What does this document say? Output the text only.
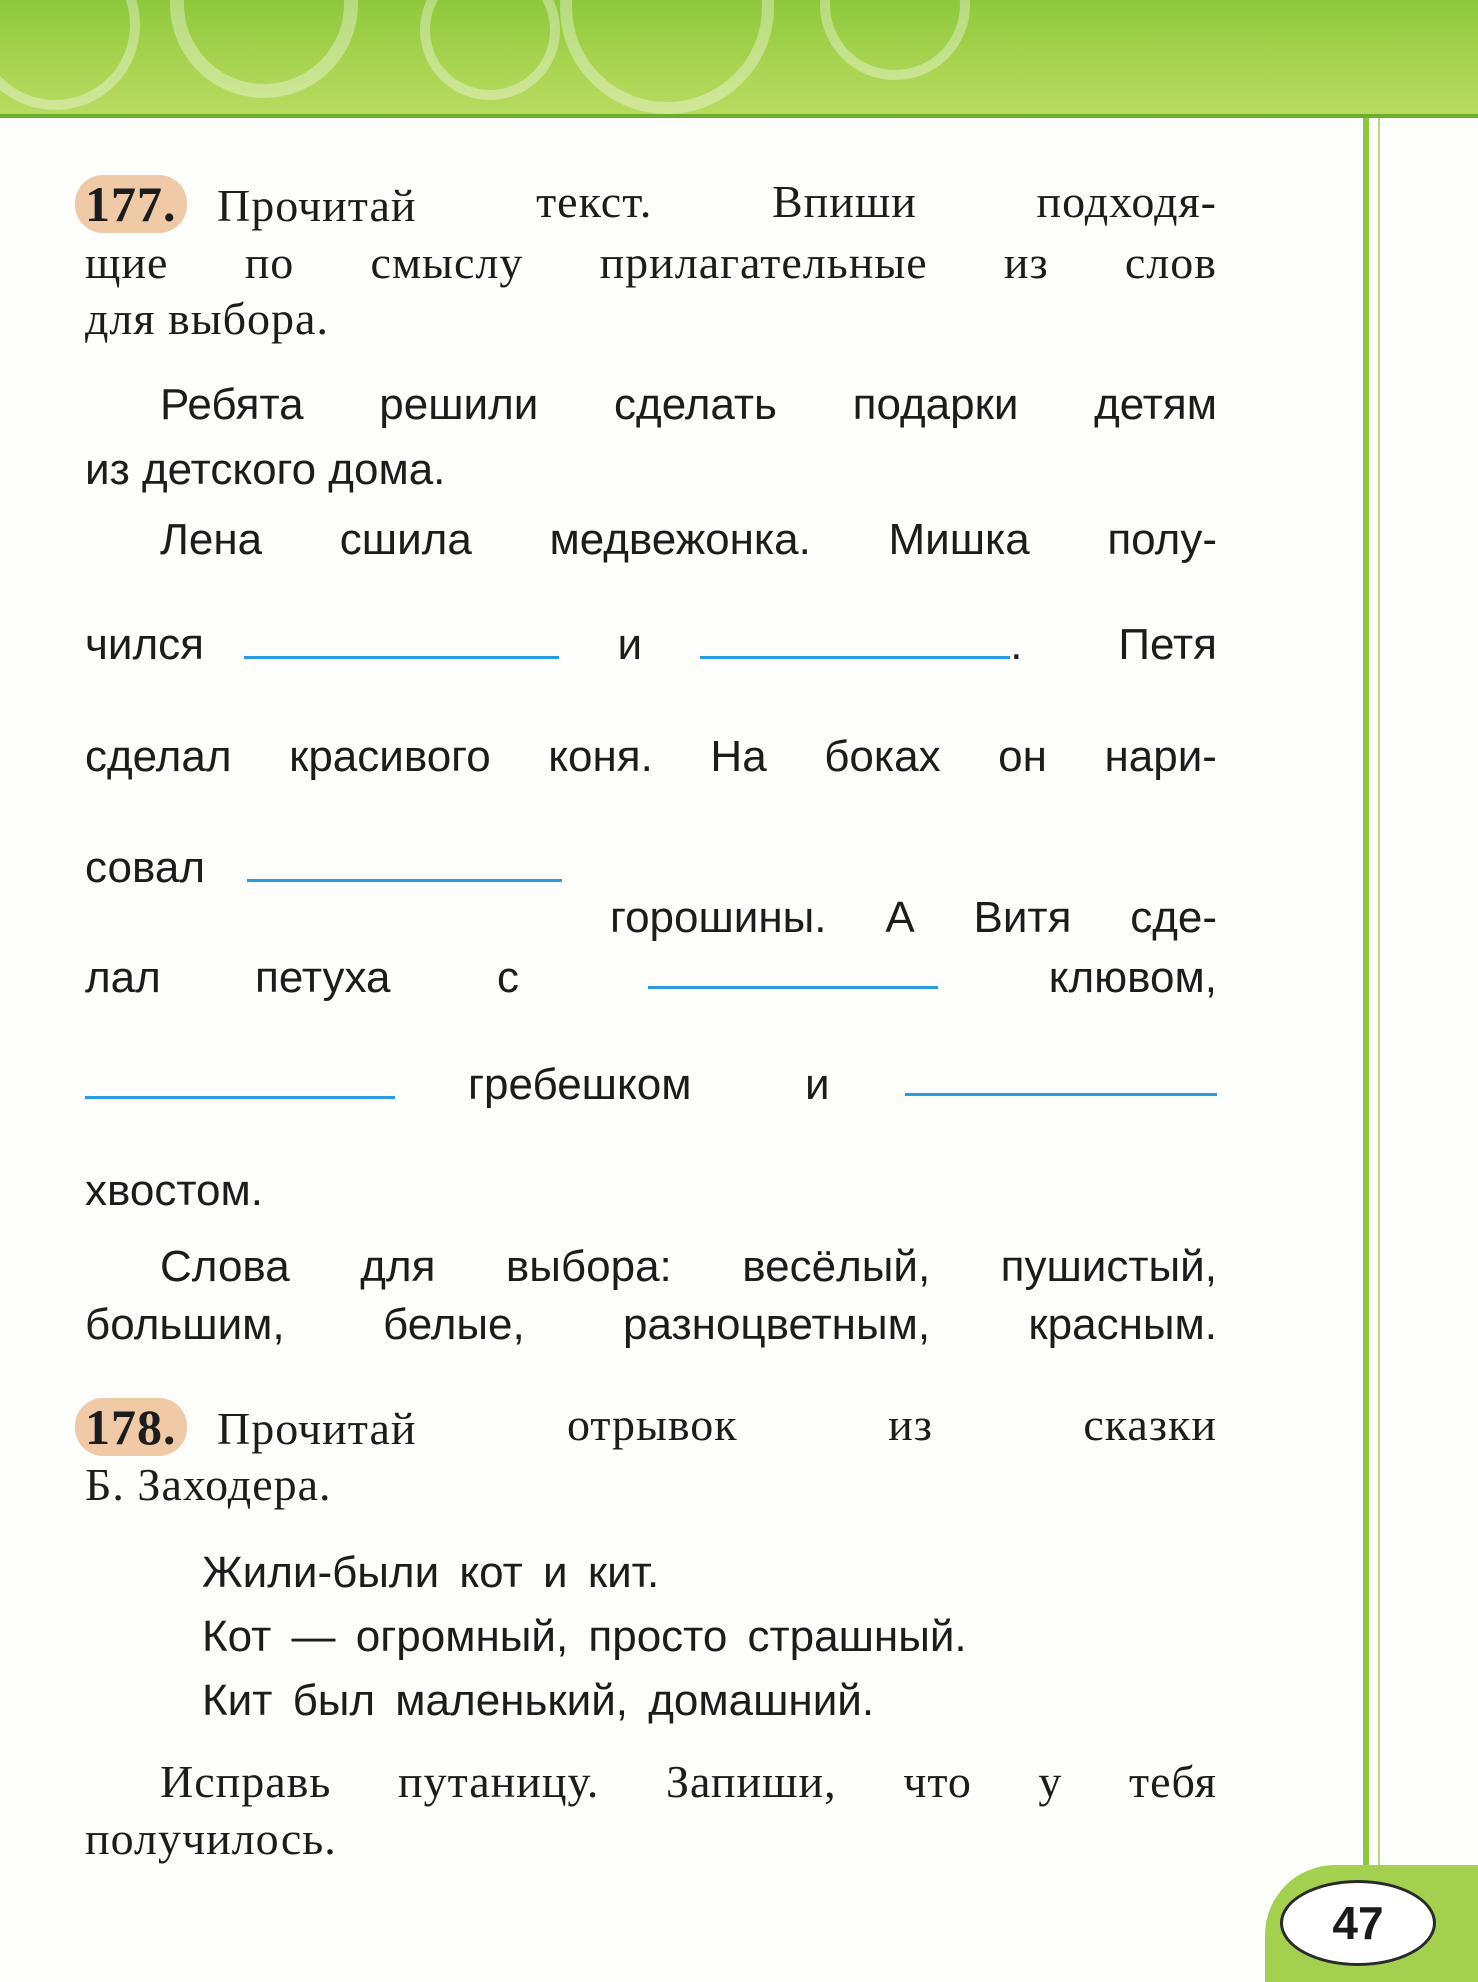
177. Прочитай	текст.	Впиши	подходя-
щие по смыслу прилагательные из слов
для выбора.
Ребята решили сделать подарки детям
из детского дома.
Лена сшила медвежонка. Мишка полу-
чился	и	. Петя
сделал красивого коня. На боках он нари-
совал
горошины. А Витя сде-
лал петуха с	клювом,
гребешком	и
хвостом.
Слова для выбора: весёлый, пушистый,
большим, белые, разноцветным, красным.
178. Прочитай	отрывок	из	сказки
Б. Заходера.
Жили-были кот и кит.
Кот — огромный, просто страшный.
Кит был маленький, домашний.
Исправь путаницу. Запиши, что у тебя
получилось.
47
